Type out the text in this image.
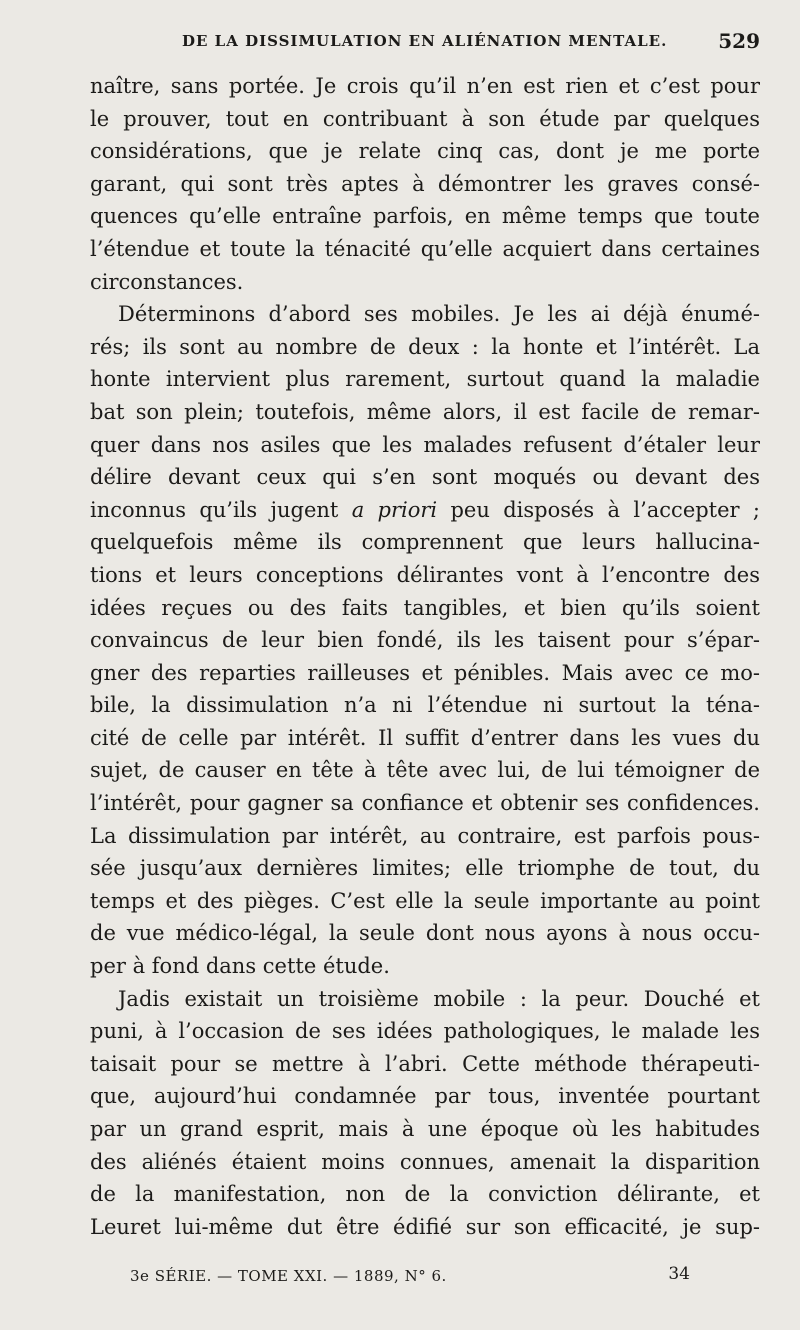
DE LA DISSIMULATION EN ALIÉNATION MENTALE.	529
naître, sans portée. Je crois qu’il n’en est rien et c’est pour
le prouver, tout en contribuant à son étude par quelques
considérations, que je relate cinq cas, dont je me porte
garant, qui sont très aptes à démontrer les graves consé-
quences qu’elle entraîne parfois, en même temps que toute
l’étendue et toute la ténacité qu’elle acquiert dans certaines
circonstances.
Déterminons d’abord ses mobiles. Je les ai déjà énumé-
rés; ils sont au nombre de deux : la honte et l’intérêt. La
honte intervient plus rarement, surtout quand la maladie
bat son plein; toutefois, même alors, il est facile de remar-
quer dans nos asiles que les malades refusent d’étaler leur
délire devant ceux qui s’en sont moqués ou devant des
inconnus qu’ils jugent a priori peu disposés à l’accepter ;
quelquefois même ils comprennent que leurs hallucina-
tions et leurs conceptions délirantes vont à l’encontre des
idées reçues ou des faits tangibles, et bien qu’ils soient
convaincus de leur bien fondé, ils les taisent pour s’épar-
gner des reparties railleuses et pénibles. Mais avec ce mo-
bile, la dissimulation n’a ni l’étendue ni surtout la téna-
cité de celle par intérêt. Il suffit d’entrer dans les vues du
sujet, de causer en tête à tête avec lui, de lui témoigner de
l’intérêt, pour gagner sa confiance et obtenir ses confidences.
La dissimulation par intérêt, au contraire, est parfois pous-
sée jusqu’aux dernières limites; elle triomphe de tout, du
temps et des pièges. C’est elle la seule importante au point
de vue médico-légal, la seule dont nous ayons à nous occu-
per à fond dans cette étude.
Jadis existait un troisième mobile : la peur. Douché et
puni, à l’occasion de ses idées pathologiques, le malade les
taisait pour se mettre à l’abri. Cette méthode thérapeuti-
que, aujourd’hui condamnée par tous, inventée pourtant
par un grand esprit, mais à une époque où les habitudes
des aliénés étaient moins connues, amenait la disparition
de la manifestation, non de la conviction délirante, et
Leuret lui-même dut être édifié sur son efficacité, je sup-
3e SÉRIE. — TOME XXI. — 1889, N° 6.	34
